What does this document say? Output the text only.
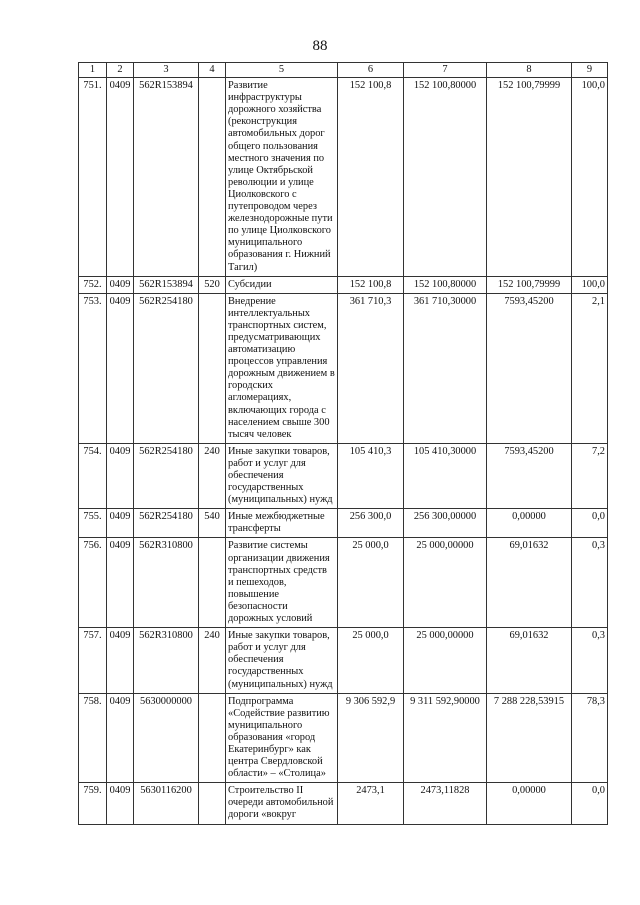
88
1	2	3	4	5	6	7	8	9
751.	0409	562R153894		Развитие инфраструктуры дорожного хозяйства (реконструкция автомобильных дорог общего пользования местного значения по улице Октябрьской революции и улице Циолковского с путепроводом через железнодорожные пути по улице Циолковского муниципального образования г. Нижний Тагил)	152 100,8	152 100,80000	152 100,79999	100,0
752.	0409	562R153894	520	Субсидии	152 100,8	152 100,80000	152 100,79999	100,0
753.	0409	562R254180		Внедрение интеллектуальных транспортных систем, предусматривающих автоматизацию процессов управления дорожным движением в городских агломерациях, включающих города с населением свыше 300 тысяч человек	361 710,3	361 710,30000	7593,45200	2,1
754.	0409	562R254180	240	Иные закупки товаров, работ и услуг для обеспечения государственных (муниципальных) нужд	105 410,3	105 410,30000	7593,45200	7,2
755.	0409	562R254180	540	Иные межбюджетные трансферты	256 300,0	256 300,00000	0,00000	0,0
756.	0409	562R310800		Развитие системы организации движения транспортных средств и пешеходов, повышение безопасности дорожных условий	25 000,0	25 000,00000	69,01632	0,3
757.	0409	562R310800	240	Иные закупки товаров, работ и услуг для обеспечения государственных (муниципальных) нужд	25 000,0	25 000,00000	69,01632	0,3
758.	0409	5630000000		Подпрограмма «Содействие развитию муниципального образования «город Екатеринбург» как центра Свердловской области» – «Столица»	9 306 592,9	9 311 592,90000	7 288 228,53915	78,3
759.	0409	5630116200		Строительство II очереди автомобильной дороги «вокруг	2473,1	2473,11828	0,00000	0,0
